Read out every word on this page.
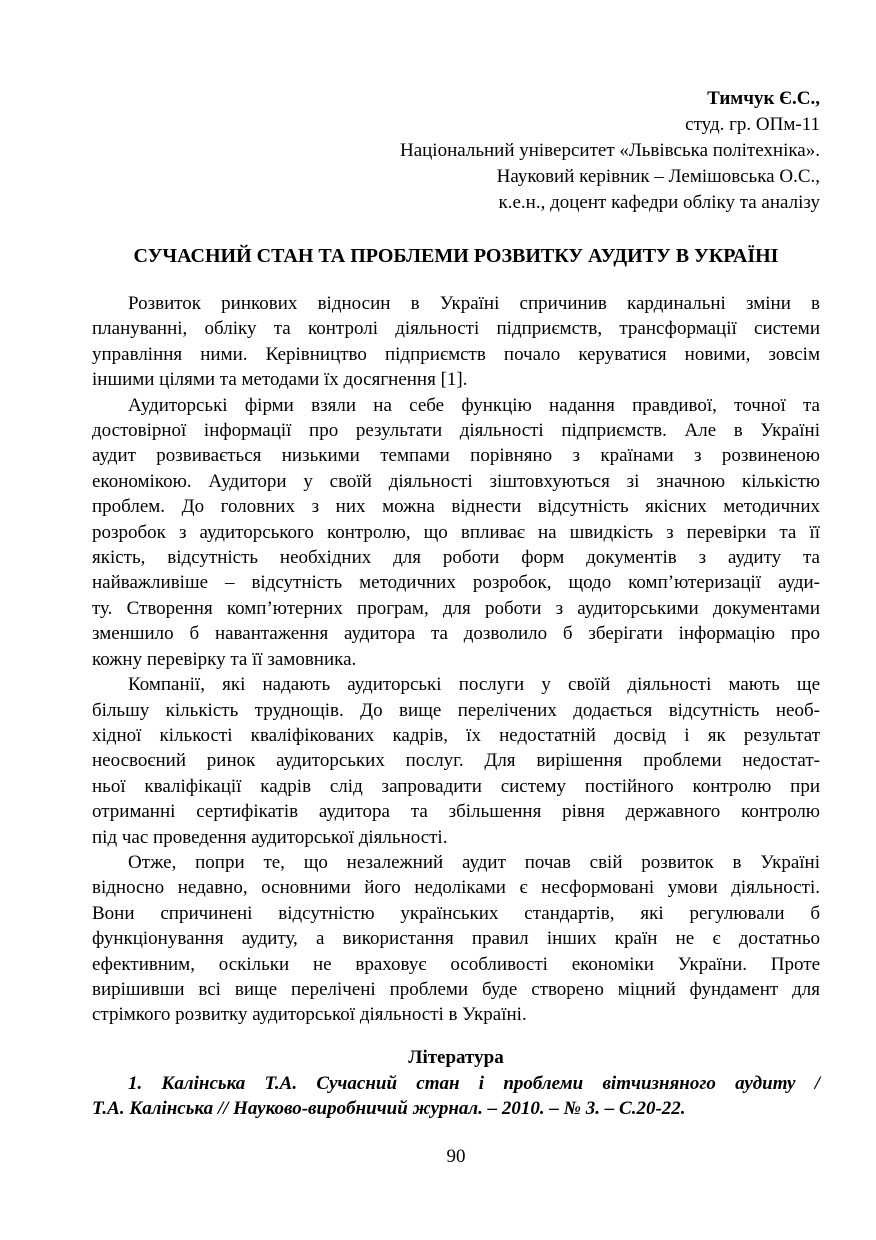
Тимчук Є.С.,
студ. гр. ОПм-11
Національний університет «Львівська політехніка».
Науковий керівник – Лемішовська О.С.,
к.е.н., доцент кафедри обліку та аналізу
СУЧАСНИЙ СТАН ТА ПРОБЛЕМИ РОЗВИТКУ АУДИТУ В УКРАЇНІ
Розвиток ринкових відносин в Україні спричинив кардинальні зміни в
плануванні, обліку та контролі діяльності підприємств, трансформації системи
управління ними. Керівництво підприємств почало керуватися новими, зовсім
іншими цілями та методами їх досягнення [1].
Аудиторські фірми взяли на себе функцію надання правдивої, точної та
достовірної інформації про результати діяльності підприємств. Але в Україні
аудит розвивається низькими темпами порівняно з країнами з розвиненою
економікою. Аудитори у своїй діяльності зіштовхуються зі значною кількістю
проблем. До головних з них можна віднести відсутність якісних методичних
розробок з аудиторського контролю, що впливає на швидкість з перевірки та її
якість, відсутність необхідних для роботи форм документів з аудиту та
найважливіше – відсутність методичних розробок, щодо комп’ютеризації ауди-
ту. Створення комп’ютерних програм, для роботи з аудиторськими документами
зменшило б навантаження аудитора та дозволило б зберігати інформацію про
кожну перевірку та її замовника.
Компанії, які надають аудиторські послуги у своїй діяльності мають ще
більшу кількість труднощів. До вище перелічених додається відсутність необ-
хідної кількості кваліфікованих кадрів, їх недостатній досвід і як результат
неосвоєний ринок аудиторських послуг. Для вирішення проблеми недостат-
ньої кваліфікації кадрів слід запровадити систему постійного контролю при
отриманні сертифікатів аудитора та збільшення рівня державного контролю
під час проведення аудиторської діяльності.
Отже, попри те, що незалежний аудит почав свій розвиток в Україні
відносно недавно, основними його недоліками є несформовані умови діяльності.
Вони спричинені відсутністю українських стандартів, які регулювали б
функціонування аудиту, а використання правил інших країн не є достатньо
ефективним, оскільки не враховує особливості економіки України. Проте
вирішивши всі вище перелічені проблеми буде створено міцний фундамент для
стрімкого розвитку аудиторської діяльності в Україні.
Література
1. Калінська Т.А. Сучасний стан і проблеми вітчизняного аудиту /
Т.А. Калінська // Науково-виробничий журнал. – 2010. – № 3. – С.20-22.
90
